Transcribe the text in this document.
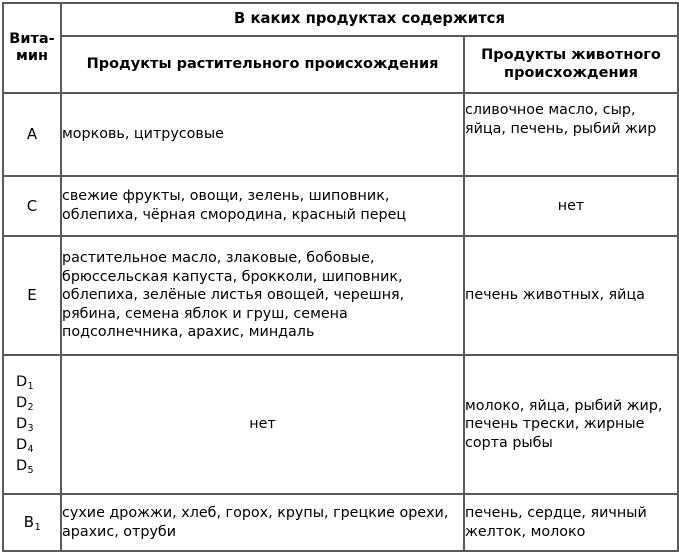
Вита-
мин	В каких продуктах содержится	
	Продукты растительного происхождения	Продукты животного
происхождения
A	морковь, цитрусовые	сливочное масло, сыр, яйца, печень, рыбий жир
C	свежие фрукты, овощи, зелень, шиповник, облепиха, чёрная смородина, красный перец	нет
E	растительное масло, злаковые, бобовые, брюссельская капуста, брокколи, шиповник, облепиха, зелёные листья овощей, черешня, рябина, семена яблок и груш, семена подсолнечника, арахис, миндаль	печень животных, яйца
$D_1$
$D_2$
$D_3$
$D_4$
$D_5$	нет	молоко, яйца, рыбий жир, печень трески, жирные сорта рыбы
$B_1$	сухие дрожжи, хлеб, горох, крупы, грецкие орехи, арахис, отруби	печень, сердце, яичный желток, молоко
